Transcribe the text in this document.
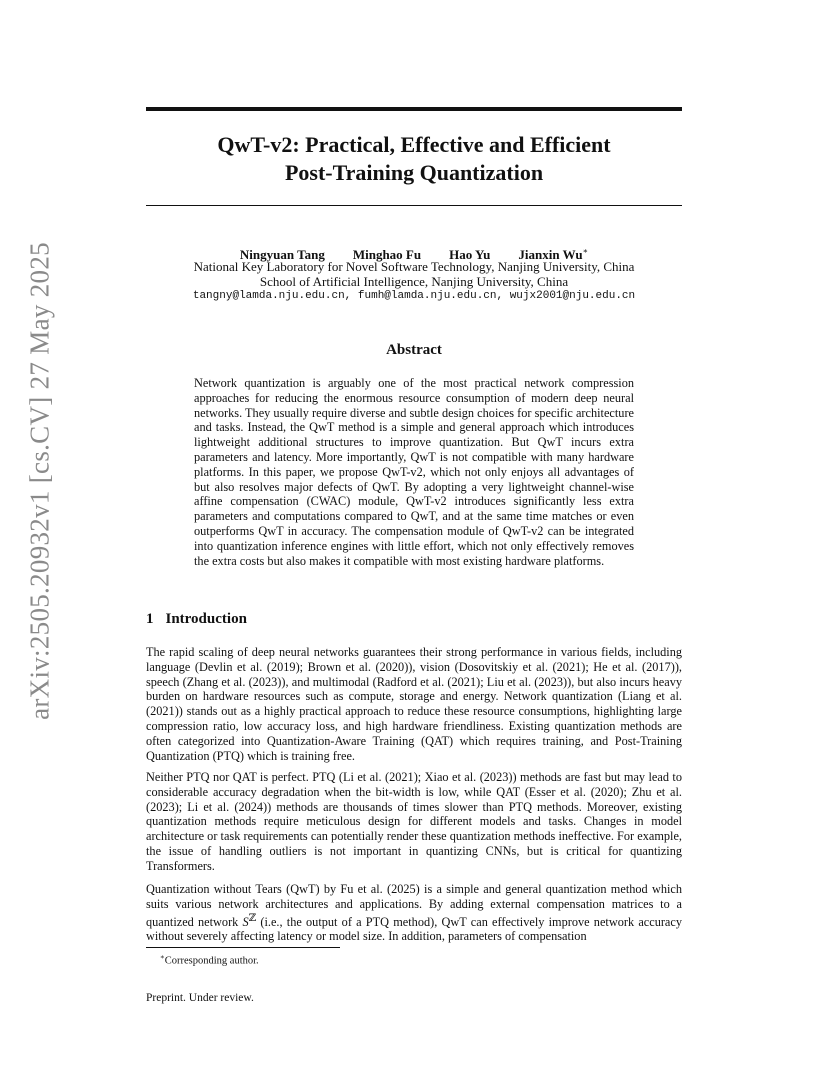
arXiv:2505.20932v1 [cs.CV] 27 May 2025
QwT-v2: Practical, Effective and Efficient
Post-Training Quantization
Ningyuan Tang Minghao Fu Hao Yu Jianxin Wu∗
National Key Laboratory for Novel Software Technology, Nanjing University, China
School of Artificial Intelligence, Nanjing University, China
tangny@lamda.nju.edu.cn, fumh@lamda.nju.edu.cn, wujx2001@nju.edu.cn
Abstract
Network quantization is arguably one of the most practical network compression approaches for reducing the enormous resource consumption of modern deep neural networks. They usually require diverse and subtle design choices for specific architecture and tasks. Instead, the QwT method is a simple and general approach which introduces lightweight additional structures to improve quantization. But QwT incurs extra parameters and latency. More importantly, QwT is not compatible with many hardware platforms. In this paper, we propose QwT-v2, which not only enjoys all advantages of but also resolves major defects of QwT. By adopting a very lightweight channel-wise affine compensation (CWAC) module, QwT-v2 introduces significantly less extra parameters and computations compared to QwT, and at the same time matches or even outperforms QwT in accuracy. The compensation module of QwT-v2 can be integrated into quantization inference engines with little effort, which not only effectively removes the extra costs but also makes it compatible with most existing hardware platforms.
1 Introduction
The rapid scaling of deep neural networks guarantees their strong performance in various fields, including language (Devlin et al. (2019); Brown et al. (2020)), vision (Dosovitskiy et al. (2021); He et al. (2017)), speech (Zhang et al. (2023)), and multimodal (Radford et al. (2021); Liu et al. (2023)), but also incurs heavy burden on hardware resources such as compute, storage and energy. Network quantization (Liang et al. (2021)) stands out as a highly practical approach to reduce these resource consumptions, highlighting large compression ratio, low accuracy loss, and high hardware friendliness. Existing quantization methods are often categorized into Quantization-Aware Training (QAT) which requires training, and Post-Training Quantization (PTQ) which is training free.
Neither PTQ nor QAT is perfect. PTQ (Li et al. (2021); Xiao et al. (2023)) methods are fast but may lead to considerable accuracy degradation when the bit-width is low, while QAT (Esser et al. (2020); Zhu et al. (2023); Li et al. (2024)) methods are thousands of times slower than PTQ methods. Moreover, existing quantization methods require meticulous design for different models and tasks. Changes in model architecture or task requirements can potentially render these quantization methods ineffective. For example, the issue of handling outliers is not important in quantizing CNNs, but is critical for quantizing Transformers.
Quantization without Tears (QwT) by Fu et al. (2025) is a simple and general quantization method which suits various network architectures and applications. By adding external compensation matrices to a quantized network $S^ℤ$ (i.e., the output of a PTQ method), QwT can effectively improve network accuracy without severely affecting latency or model size. In addition, parameters of compensation
∗Corresponding author.
Preprint. Under review.
